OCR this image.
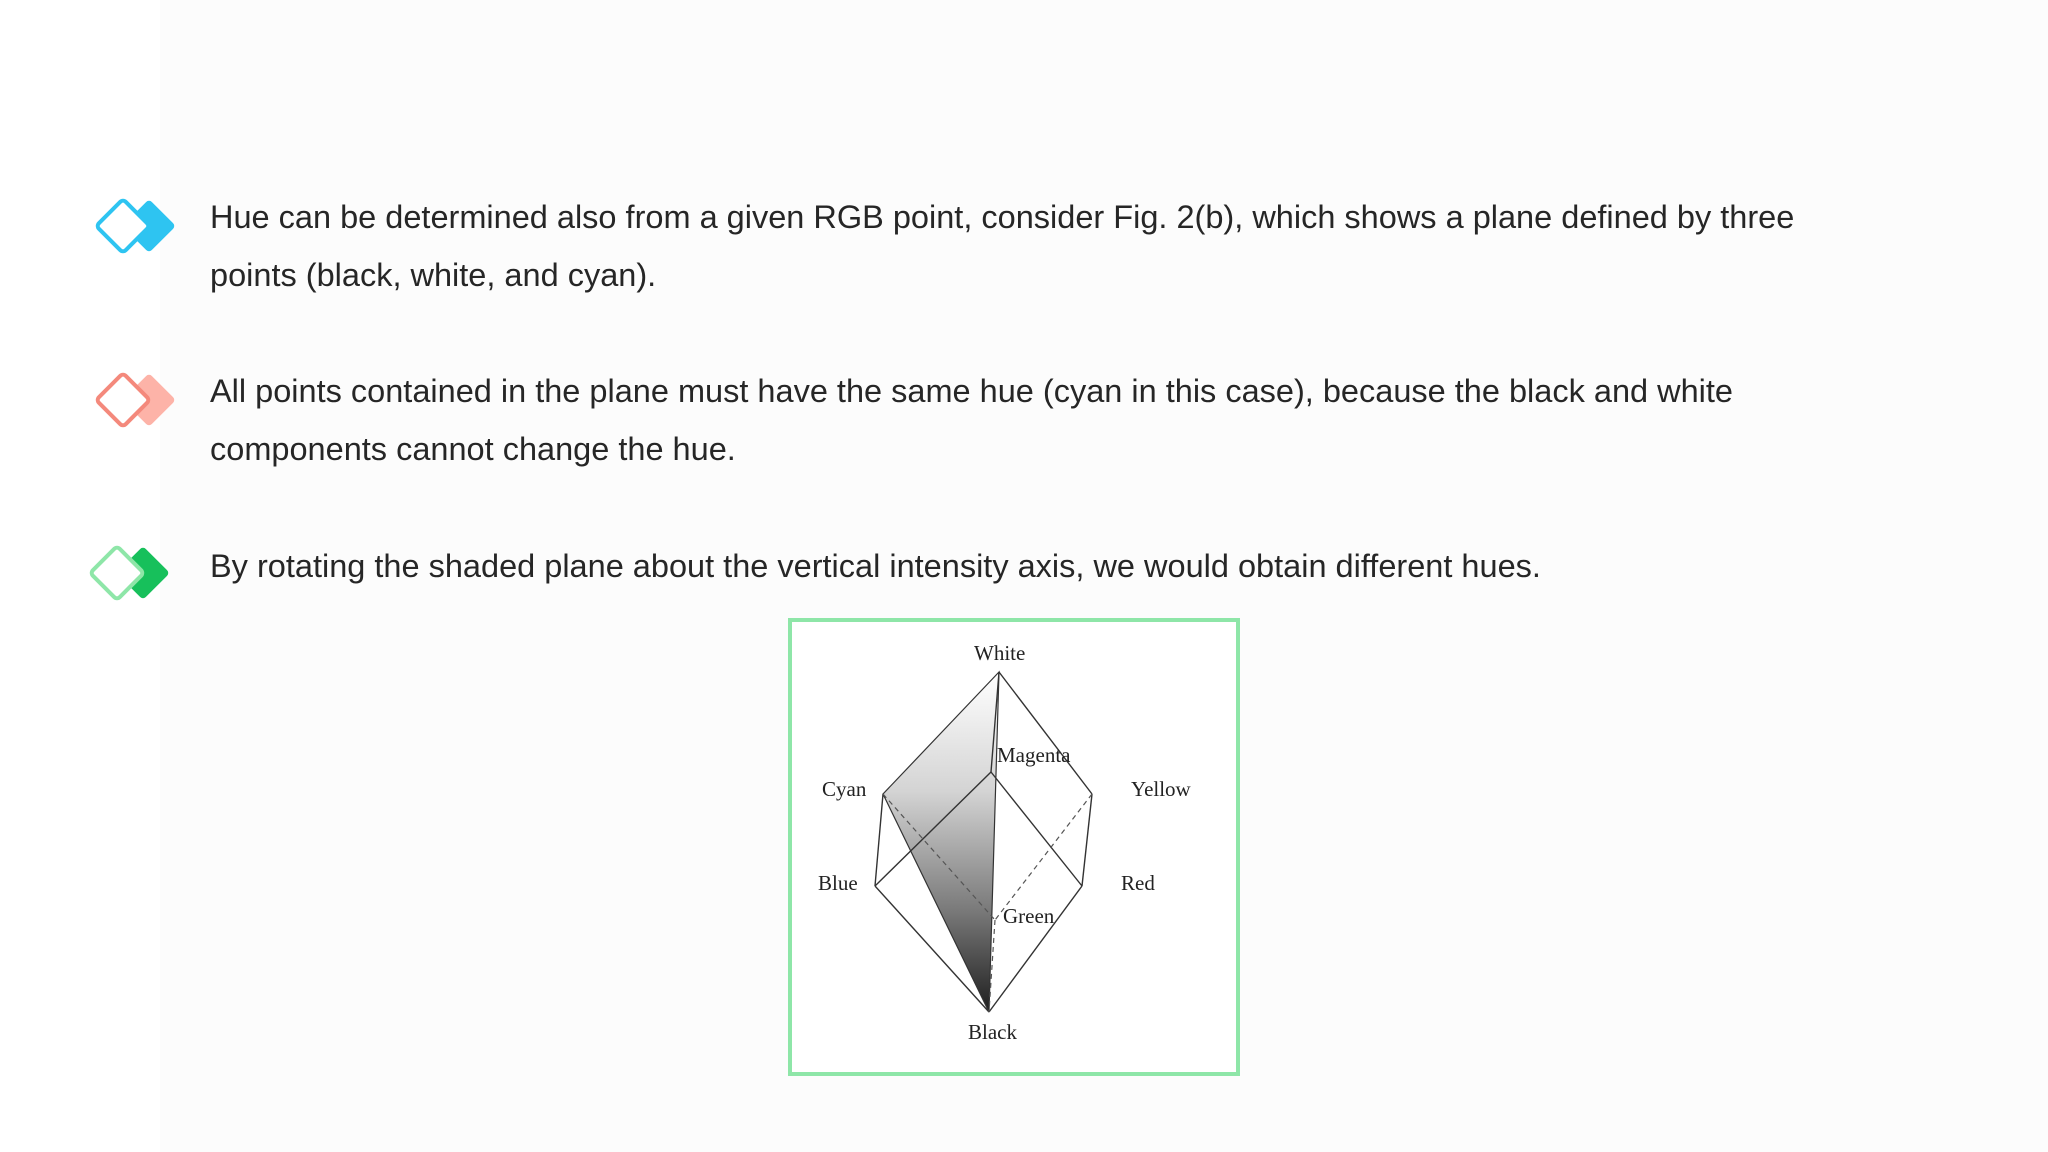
Hue can be determined also from a given RGB point, consider Fig. 2(b), which shows a plane defined by three points (black, white, and cyan).

All points contained in the plane must have the same hue (cyan in this case), because the black and white components cannot change the hue.

By rotating the shaded plane about the vertical intensity axis, we would obtain different hues.

White
Magenta
Cyan	Yellow
Blue	Red
Green
Black
